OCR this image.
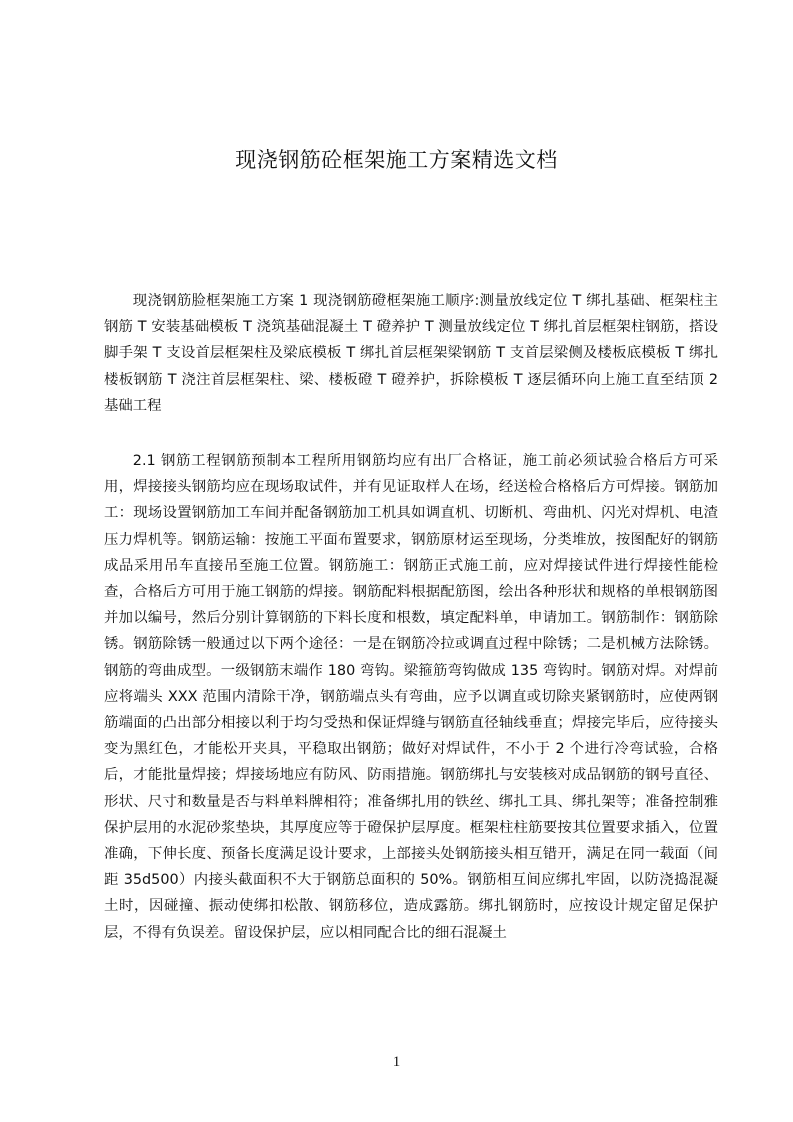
现浇钢筋砼框架施工方案精选文档

现浇钢筋脸框架施工方案 1 现浇钢筋磴框架施工顺序:测量放线定位 T 绑扎基础、框架柱主钢筋 T 安装基础模板 T 浇筑基础混凝土 T 磴养护 T 测量放线定位 T 绑扎首层框架柱钢筋，搭设脚手架 T 支设首层框架柱及梁底模板 T 绑扎首层框架梁钢筋 T 支首层梁侧及楼板底模板 T 绑扎楼板钢筋 T 浇注首层框架柱、梁、楼板磴 T 磴养护，拆除模板 T 逐层循环向上施工直至结顶 2 基础工程

2.1 钢筋工程钢筋预制本工程所用钢筋均应有出厂合格证，施工前必须试验合格后方可采用，焊接接头钢筋均应在现场取试件，并有见证取样人在场，经送检合格格后方可焊接。钢筋加工：现场设置钢筋加工车间并配备钢筋加工机具如调直机、切断机、弯曲机、闪光对焊机、电渣压力焊机等。钢筋运输：按施工平面布置要求，钢筋原材运至现场，分类堆放，按图配好的钢筋成品采用吊车直接吊至施工位置。钢筋施工：钢筋正式施工前，应对焊接试件进行焊接性能检查，合格后方可用于施工钢筋的焊接。钢筋配料根据配筋图，绘出各种形状和规格的单根钢筋图并加以编号，然后分别计算钢筋的下料长度和根数，填定配料单，申请加工。钢筋制作：钢筋除锈。钢筋除锈一般通过以下两个途径：一是在钢筋冷拉或调直过程中除锈；二是机械方法除锈。钢筋的弯曲成型。一级钢筋末端作 180 弯钩。梁箍筋弯钩做成 135 弯钩时。钢筋对焊。对焊前应将端头 XXX 范围内清除干净，钢筋端点头有弯曲，应予以调直或切除夹紧钢筋时，应使两钢筋端面的凸出部分相接以利于均匀受热和保证焊缝与钢筋直径轴线垂直；焊接完毕后，应待接头变为黑红色，才能松开夹具，平稳取出钢筋；做好对焊试件，不小于 2 个进行冷弯试验，合格后，才能批量焊接；焊接场地应有防风、防雨措施。钢筋绑扎与安装核对成品钢筋的钢号直径、形状、尺寸和数量是否与料单料牌相符；准备绑扎用的铁丝、绑扎工具、绑扎架等；准备控制雅保护层用的水泥砂浆垫块，其厚度应等于磴保护层厚度。框架柱柱筋要按其位置要求插入，位置准确，下伸长度、预备长度满足设计要求，上部接头处钢筋接头相互错开，满足在同一载面（间距 35d500）内接头截面积不大于钢筋总面积的 50%。钢筋相互间应绑扎牢固，以防浇捣混凝土时，因碰撞、振动使绑扣松散、钢筋移位，造成露筋。绑扎钢筋时，应按设计规定留足保护层，不得有负误差。留设保护层，应以相同配合比的细石混凝土

1
